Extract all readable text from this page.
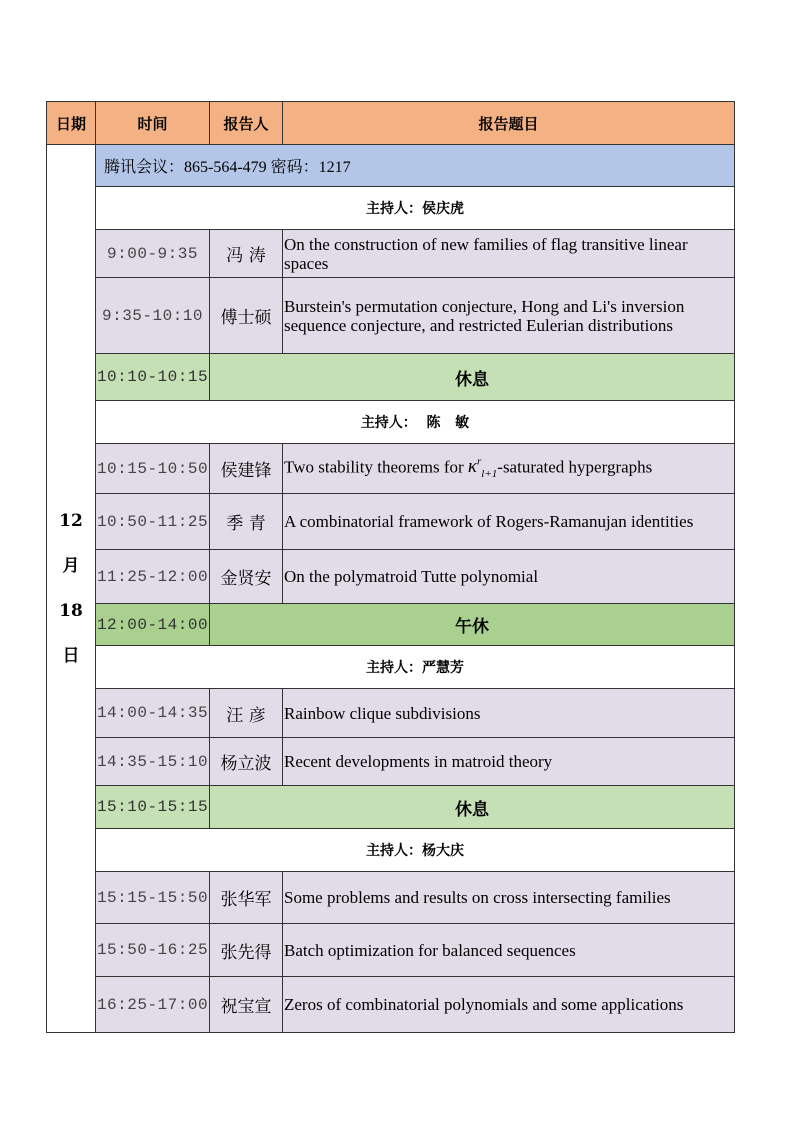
日期	时间	报告人	报告题目

12
月
18
日	腾讯会议：865-564-479 密码：1217		
	主持人：侯庆虎		
	9:00-9:35	冯 涛	On the construction of new families of flag transitive linear spaces
	9:35-10:10	傅士硕	Burstein's permutation conjecture, Hong and Li's inversion sequence conjecture, and restricted Eulerian distributions
	10:10-10:15	休息	
	主持人：  陈   敏		
	10:15-10:50	侯建锋	Two stability theorems for $\kappa^r_{l+1}$-saturated hypergraphs
	10:50-11:25	季 青	A combinatorial framework of Rogers-Ramanujan identities
	11:25-12:00	金贤安	On the polymatroid Tutte polynomial
	12:00-14:00	午休	
	主持人：严慧芳		
	14:00-14:35	汪 彦	Rainbow clique subdivisions
	14:35-15:10	杨立波	Recent developments in matroid theory
	15:10-15:15	休息	
	主持人：杨大庆		
	15:15-15:50	张华军	Some problems and results on cross intersecting families
	15:50-16:25	张先得	Batch optimization for balanced sequences
	16:25-17:00	祝宝宣	Zeros of combinatorial polynomials and some applications
